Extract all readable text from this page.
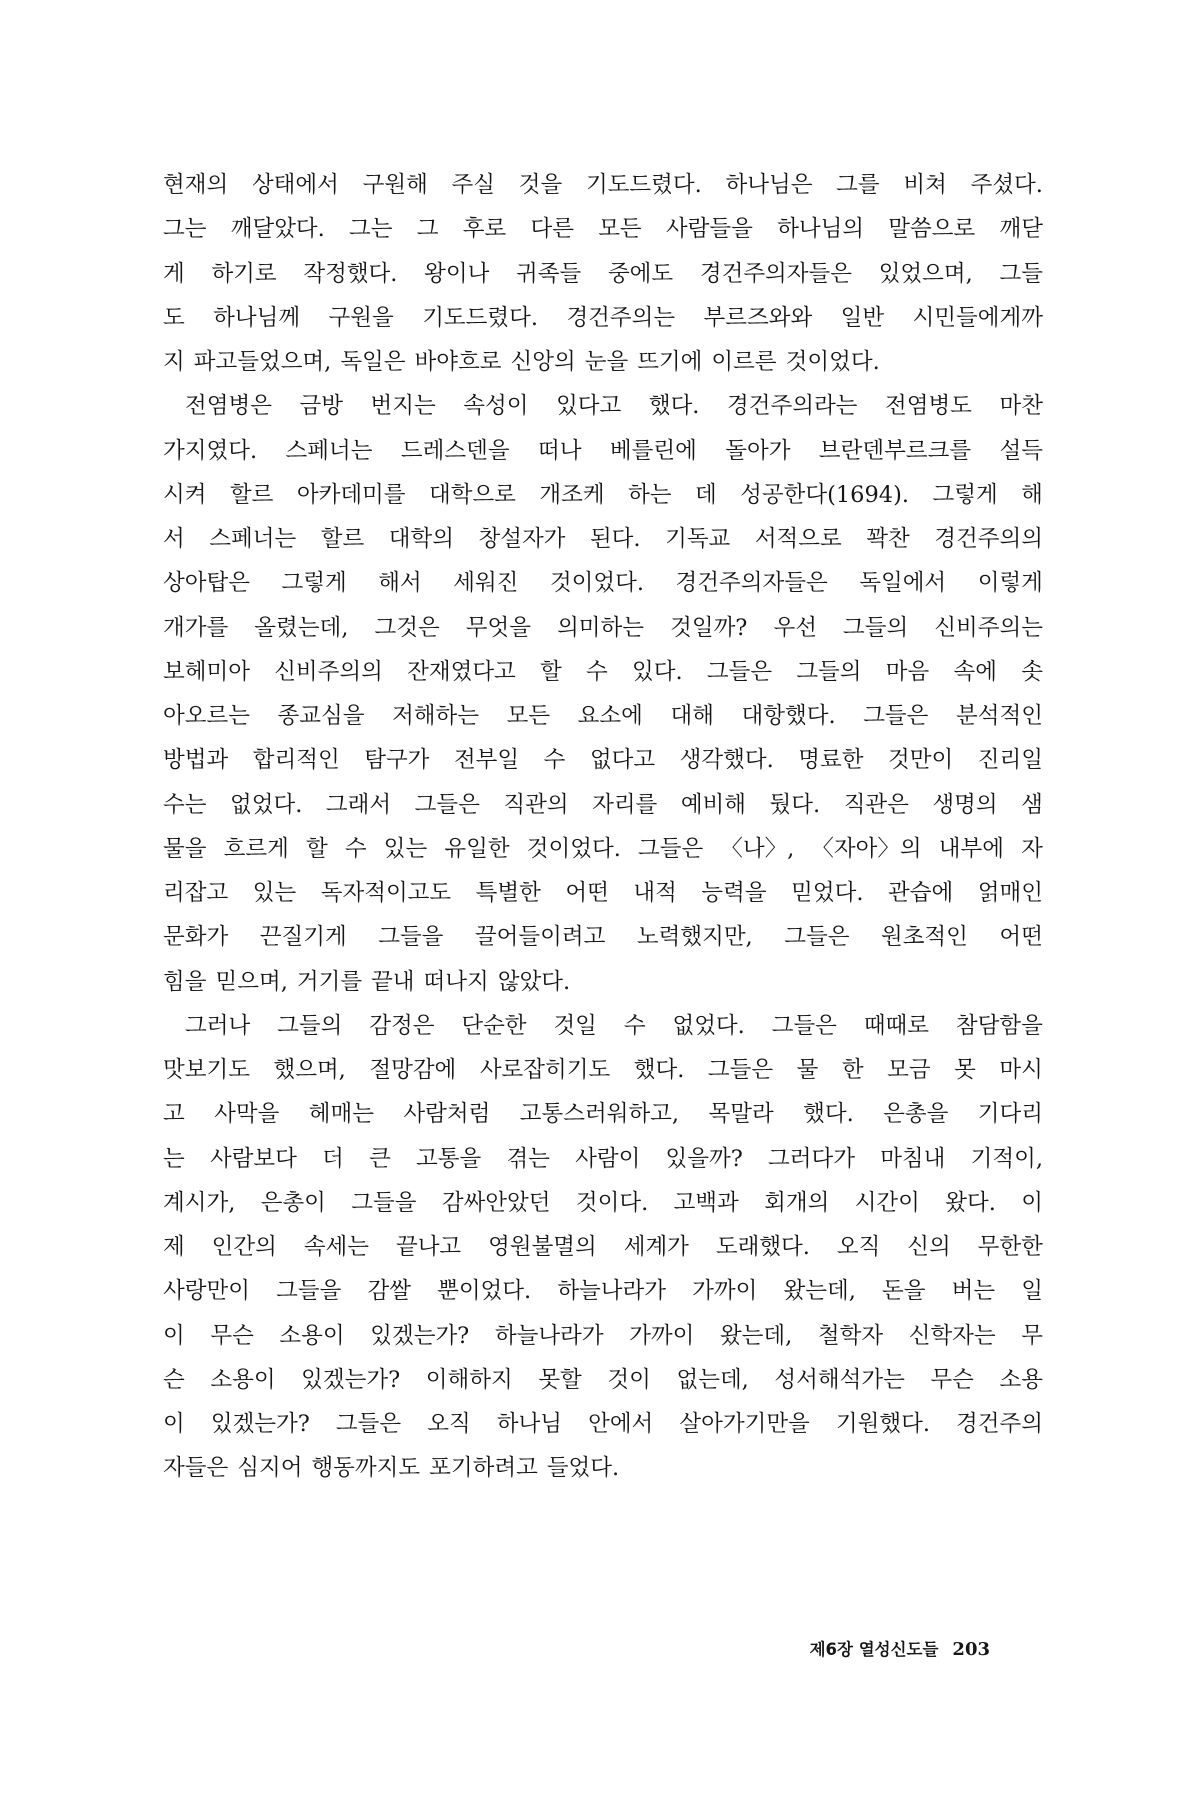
현재의 상태에서 구원해 주실 것을 기도드렸다. 하나님은 그를 비쳐 주셨다.
그는 깨달았다. 그는 그 후로 다른 모든 사람들을 하나님의 말씀으로 깨닫
게 하기로 작정했다. 왕이나 귀족들 중에도 경건주의자들은 있었으며, 그들
도 하나님께 구원을 기도드렸다. 경건주의는 부르즈와와 일반 시민들에게까
지 파고들었으며, 독일은 바야흐로 신앙의 눈을 뜨기에 이르른 것이었다.
전염병은 금방 번지는 속성이 있다고 했다. 경건주의라는 전염병도 마찬
가지였다. 스페너는 드레스덴을 떠나 베를린에 돌아가 브란덴부르크를 설득
시켜 할르 아카데미를 대학으로 개조케 하는 데 성공한다(1694). 그렇게 해
서 스페너는 할르 대학의 창설자가 된다. 기독교 서적으로 꽉찬 경건주의의
상아탑은 그렇게 해서 세워진 것이었다. 경건주의자들은 독일에서 이렇게
개가를 올렸는데, 그것은 무엇을 의미하는 것일까? 우선 그들의 신비주의는
보헤미아 신비주의의 잔재였다고 할 수 있다. 그들은 그들의 마음 속에 솟
아오르는 종교심을 저해하는 모든 요소에 대해 대항했다. 그들은 분석적인
방법과 합리적인 탐구가 전부일 수 없다고 생각했다. 명료한 것만이 진리일
수는 없었다. 그래서 그들은 직관의 자리를 예비해 뒀다. 직관은 생명의 샘
물을 흐르게 할 수 있는 유일한 것이었다. 그들은 〈나〉, 〈자아〉의 내부에 자
리잡고 있는 독자적이고도 특별한 어떤 내적 능력을 믿었다. 관습에 얽매인
문화가 끈질기게 그들을 끌어들이려고 노력했지만, 그들은 원초적인 어떤
힘을 믿으며, 거기를 끝내 떠나지 않았다.
그러나 그들의 감정은 단순한 것일 수 없었다. 그들은 때때로 참담함을
맛보기도 했으며, 절망감에 사로잡히기도 했다. 그들은 물 한 모금 못 마시
고 사막을 헤매는 사람처럼 고통스러워하고, 목말라 했다. 은총을 기다리
는 사람보다 더 큰 고통을 겪는 사람이 있을까? 그러다가 마침내 기적이,
계시가, 은총이 그들을 감싸안았던 것이다. 고백과 회개의 시간이 왔다. 이
제 인간의 속세는 끝나고 영원불멸의 세계가 도래했다. 오직 신의 무한한
사랑만이 그들을 감쌀 뿐이었다. 하늘나라가 가까이 왔는데, 돈을 버는 일
이 무슨 소용이 있겠는가? 하늘나라가 가까이 왔는데, 철학자 신학자는 무
슨 소용이 있겠는가? 이해하지 못할 것이 없는데, 성서해석가는 무슨 소용
이 있겠는가? 그들은 오직 하나님 안에서 살아가기만을 기원했다. 경건주의
자들은 심지어 행동까지도 포기하려고 들었다.
제6장 열성신도들 203
